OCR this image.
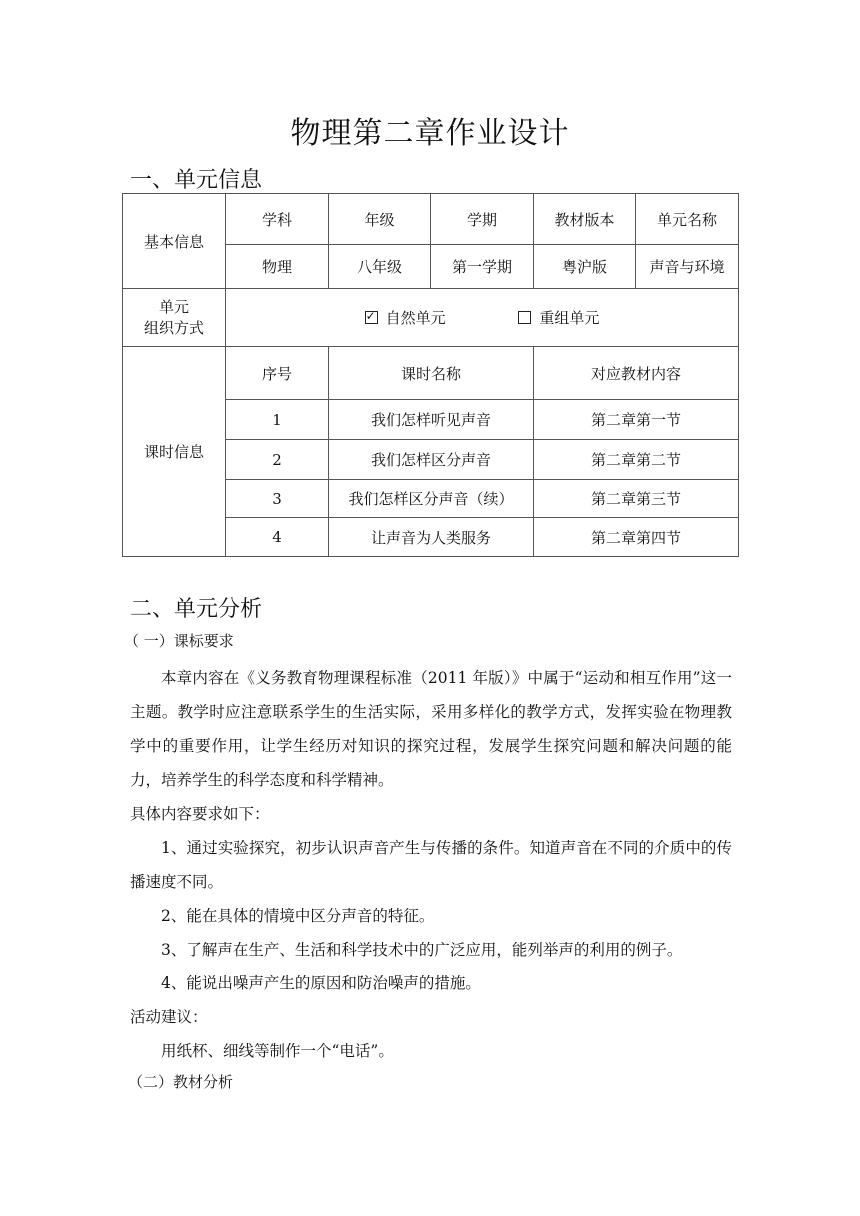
物理第二章作业设计
一、单元信息
基本信息	学科	年级	学期	教材版本	单元名称
	物理	八年级	第一学期	粤沪版	声音与环境

单元
组织方式
	✓自然单元 重组单元
课时信息	序号	课时名称		对应教材内容	
	1	我们怎样听见声音		第二章第一节	
	2	我们怎样区分声音		第二章第二节	
	3	我们怎样区分声音（续）		第二章第三节	
	4	让声音为人类服务		第二章第四节	
二、单元分析
（ 一）课标要求
本章内容在《义务教育物理课程标准（2011 年版）》中属于“运动和相互作用”这一主题。教学时应注意联系学生的生活实际，采用多样化的教学方式，发挥实验在物理教学中的重要作用，让学生经历对知识的探究过程，发展学生探究问题和解决问题的能力，培养学生的科学态度和科学精神。
具体内容要求如下：
1、通过实验探究，初步认识声音产生与传播的条件。知道声音在不同的介质中的传播速度不同。
2、能在具体的情境中区分声音的特征。
3、了解声在生产、生活和科学技术中的广泛应用，能列举声的利用的例子。
4、能说出噪声产生的原因和防治噪声的措施。
活动建议：
用纸杯、细线等制作一个“电话”。
（二）教材分析
